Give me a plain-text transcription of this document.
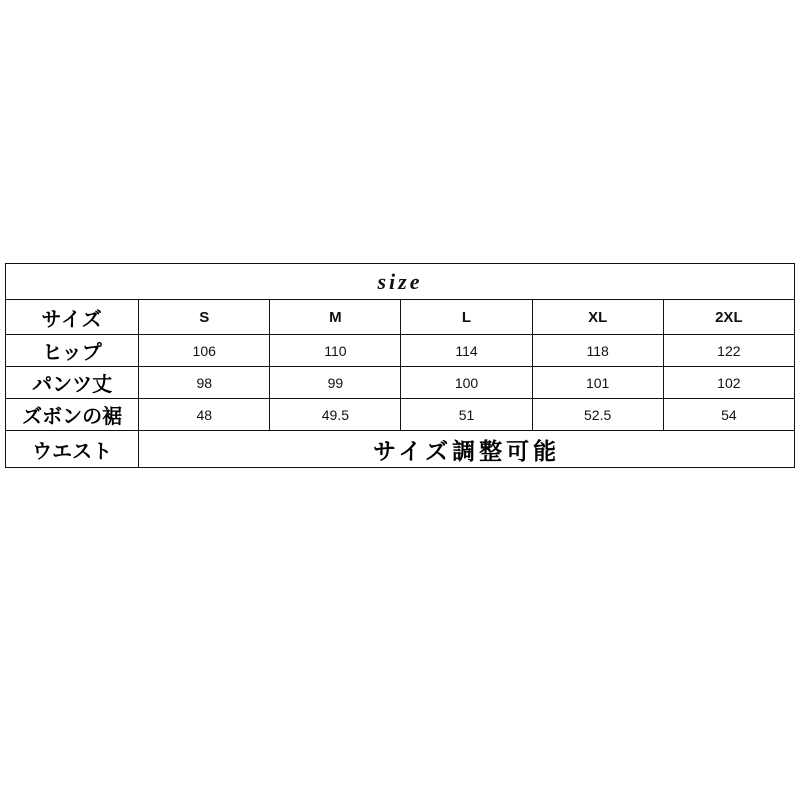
size					
サイズ	S	M	L	XL	2XL
ヒップ	106	110	114	118	122
パンツ丈	98	99	100	101	102
ズボンの裾	48	49.5	51	52.5	54
ウエスト	サイズ調整可能				
